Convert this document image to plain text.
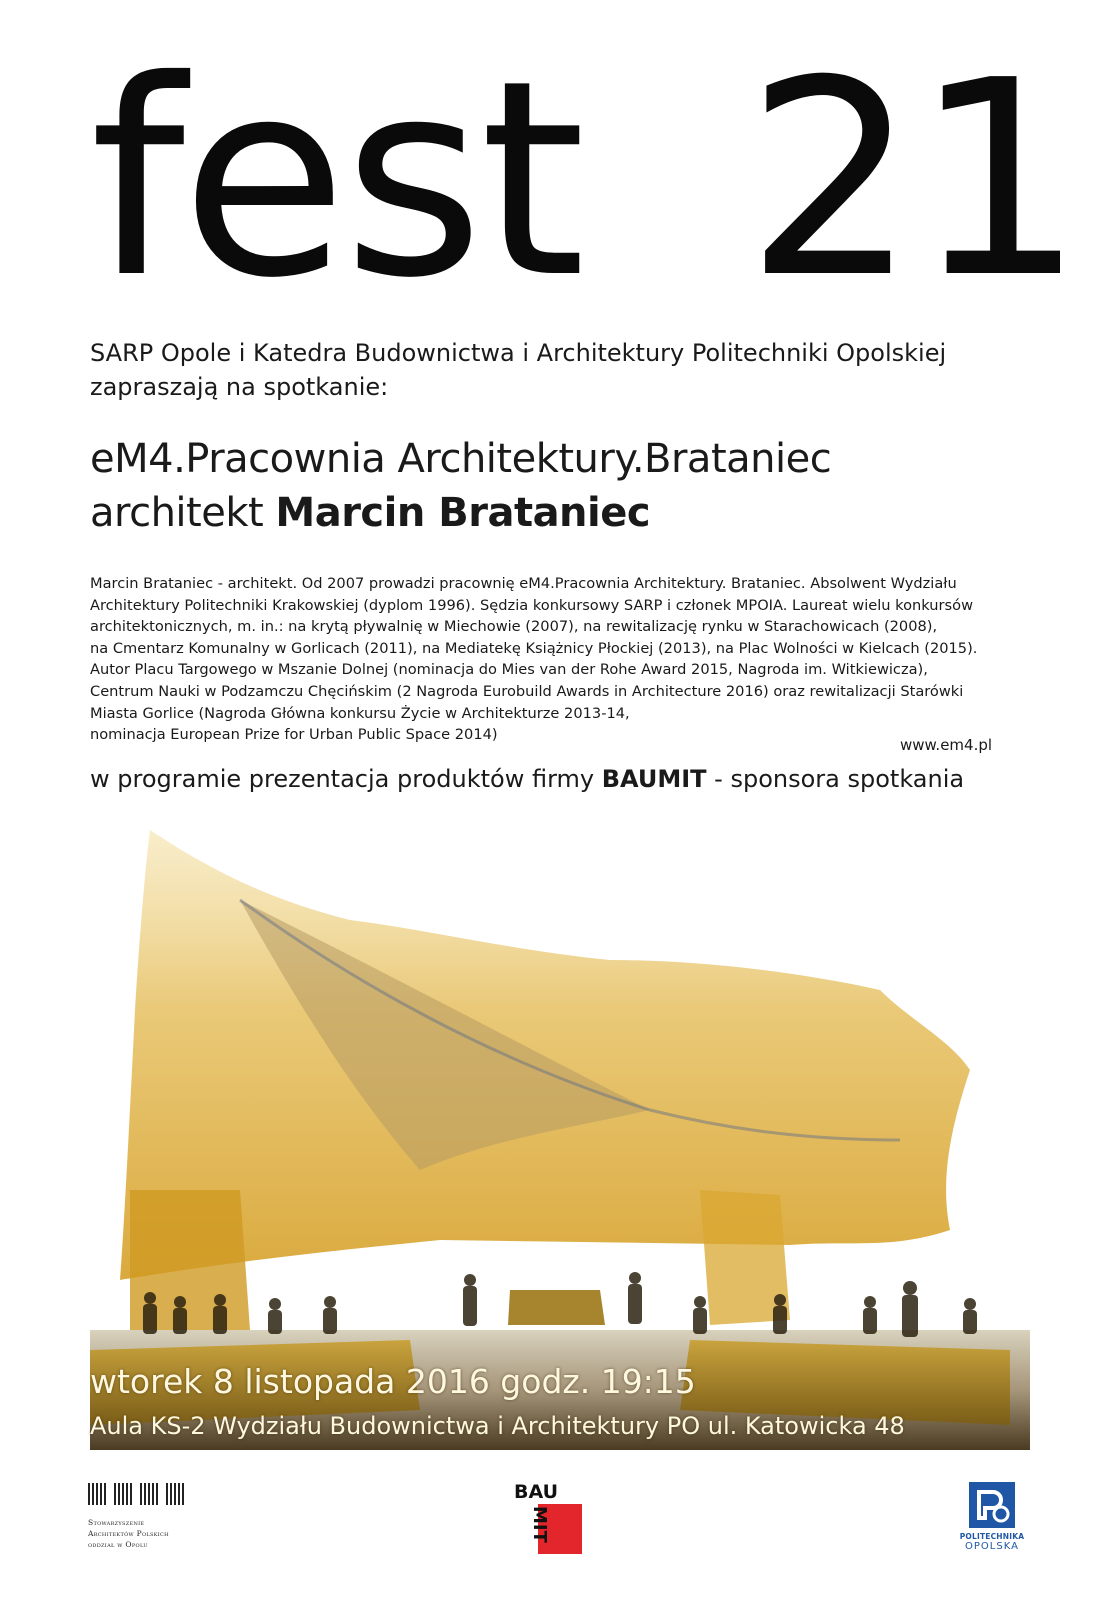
fest  21
SARP Opole i Katedra Budownictwa i Architektury Politechniki Opolskiej
zapraszają na spotkanie:
eM4.Pracownia Architektury.Brataniec
architekt Marcin Brataniec
Marcin Brataniec - architekt. Od 2007 prowadzi pracownię eM4.Pracownia Architektury. Brataniec. Absolwent Wydziału
Architektury Politechniki Krakowskiej (dyplom 1996). Sędzia konkursowy SARP i członek MPOIA. Laureat wielu konkursów
architektonicznych, m. in.: na krytą pływalnię w Miechowie (2007), na rewitalizację rynku w Starachowicach (2008),
na Cmentarz Komunalny w Gorlicach (2011), na Mediatekę Książnicy Płockiej (2013), na Plac Wolności w Kielcach (2015).
Autor Placu Targowego w Mszanie Dolnej (nominacja do Mies van der Rohe Award 2015, Nagroda im. Witkiewicza),
Centrum Nauki w Podzamczu Chęcińskim (2 Nagroda Eurobuild Awards in Architecture 2016) oraz rewitalizacji Starówki
Miasta Gorlice (Nagroda Główna konkursu Życie w Architekturze 2013-14,
nominacja European Prize for Urban Public Space 2014)
www.em4.pl
w programie prezentacja produktów firmy BAUMIT - sponsora spotkania
wtorek 8 listopada 2016 godz. 19:15
Aula KS-2 Wydziału Budownictwa i Architektury PO ul. Katowicka 48
Stowarzyszenie
Architektów Polskich
oddział w Opolu
BAU
MIT	POLITECHNIKA
OPOLSKA
